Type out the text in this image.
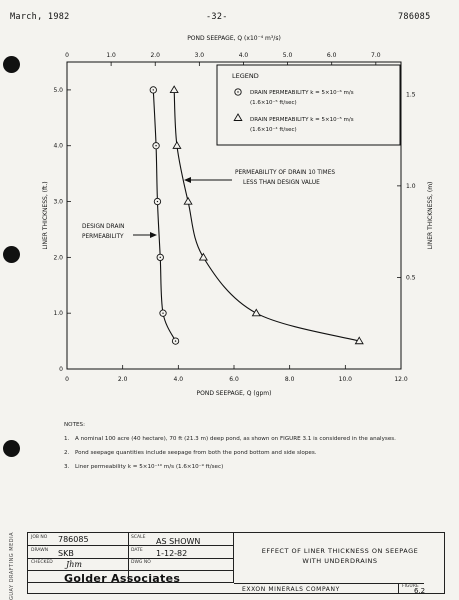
March, 1982	-32-	786085
GUAY DRAFTING MEDIA
0	2.0	4.0	6.0	8.0	10.0	12.0
0	1.0	2.0	3.0	4.0	5.0	6.0	7.0
0
1.0
2.0
3.0
4.0
5.0
0.5
1.0
1.5
POND SEEPAGE, Q (gpm)
POND SEEPAGE, Q (x10⁻⁴ m³/s)
LINER THICKNESS, (ft.)	LINER THICKNESS, (m)
LEGEND
DRAIN PERMEABILITY k = 5×10⁻⁶ m/s
(1.6×10⁻⁵ ft/sec)
DRAIN PERMEABILITY k = 5×10⁻⁵ m/s
(1.6×10⁻⁴ ft/sec)
PERMEABILITY OF DRAIN 10 TIMES
LESS THAN DESIGN VALUE
DESIGN DRAIN
PERMEABILITY
NOTES:
1.	A nominal 100 acre (40 hectare), 70 ft (21.3 m) deep pond, as shown on FIGURE 3.1 is considered in the analyses.
2.	Pond seepage quantities include seepage from both the pond bottom and side slopes.
3.	Liner permeability k = 5×10⁻¹⁰ m/s (1.6×10⁻⁹ ft/sec)
JOB NO 786085	SCALE AS SHOWN
DRAWN SKB	DATE 1-12-82
CHECKED Jhm	DWG NO
Golder Associates
EFFECT OF LINER THICKNESS ON SEEPAGE WITH UNDERDRAINS
EXXON MINERALS COMPANY	FIGURE
6.2
